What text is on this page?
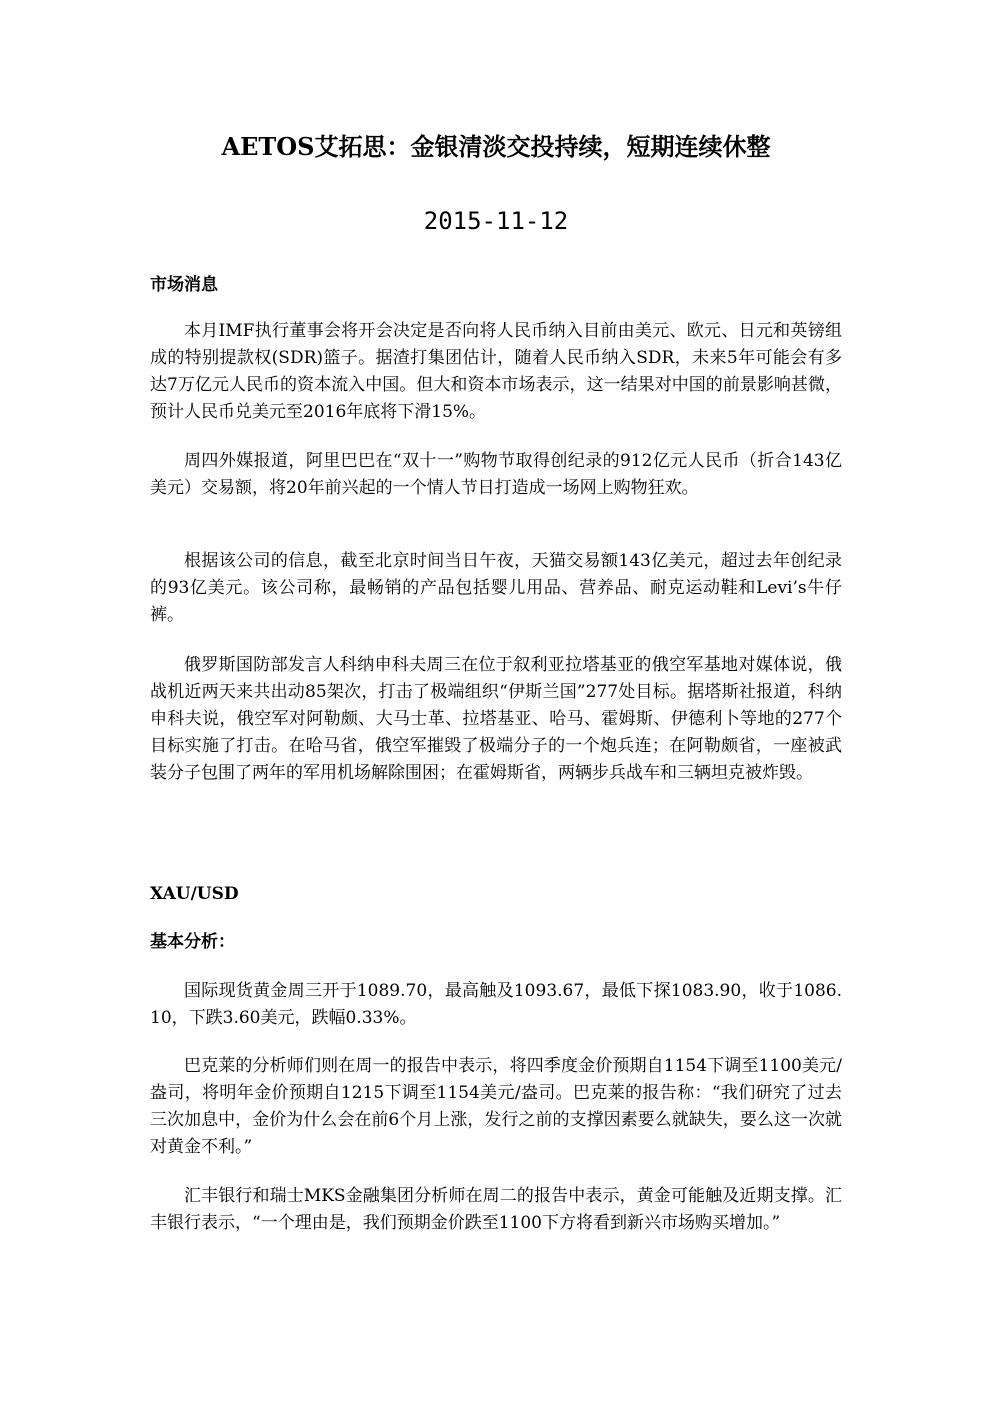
AETOS艾拓思：金银清淡交投持续，短期连续休整
2015-11-12
市场消息

本月IMF执行董事会将开会决定是否向将人民币纳入目前由美元、欧元、日元和英镑组成的特别提款权(SDR)篮子。据渣打集团估计，随着人民币纳入SDR，未来5年可能会有多达7万亿元人民币的资本流入中国。但大和资本市场表示，这一结果对中国的前景影响甚微，预计人民币兑美元至2016年底将下滑15%。

周四外媒报道，阿里巴巴在“双十一”购物节取得创纪录的912亿元人民币（折合143亿美元）交易额，将20年前兴起的一个情人节日打造成一场网上购物狂欢。

根据该公司的信息，截至北京时间当日午夜，天猫交易额143亿美元，超过去年创纪录的93亿美元。该公司称，最畅销的产品包括婴儿用品、营养品、耐克运动鞋和Levi’s牛仔裤。

俄罗斯国防部发言人科纳申科夫周三在位于叙利亚拉塔基亚的俄空军基地对媒体说，俄战机近两天来共出动85架次，打击了极端组织“伊斯兰国”277处目标。据塔斯社报道，科纳申科夫说，俄空军对阿勒颇、大马士革、拉塔基亚、哈马、霍姆斯、伊德利卜等地的277个目标实施了打击。在哈马省，俄空军摧毁了极端分子的一个炮兵连；在阿勒颇省，一座被武装分子包围了两年的军用机场解除围困；在霍姆斯省，两辆步兵战车和三辆坦克被炸毁。

XAU/USD
基本分析：

国际现货黄金周三开于1089.70，最高触及1093.67，最低下探1083.90，收于1086.10，下跌3.60美元，跌幅0.33%。

巴克莱的分析师们则在周一的报告中表示，将四季度金价预期自1154下调至1100美元/盎司，将明年金价预期自1215下调至1154美元/盎司。巴克莱的报告称：“我们研究了过去三次加息中，金价为什么会在前6个月上涨，发行之前的支撑因素要么就缺失，要么这一次就对黄金不利。”

汇丰银行和瑞士MKS金融集团分析师在周二的报告中表示，黄金可能触及近期支撑。汇丰银行表示，“一个理由是，我们预期金价跌至1100下方将看到新兴市场购买增加。”
